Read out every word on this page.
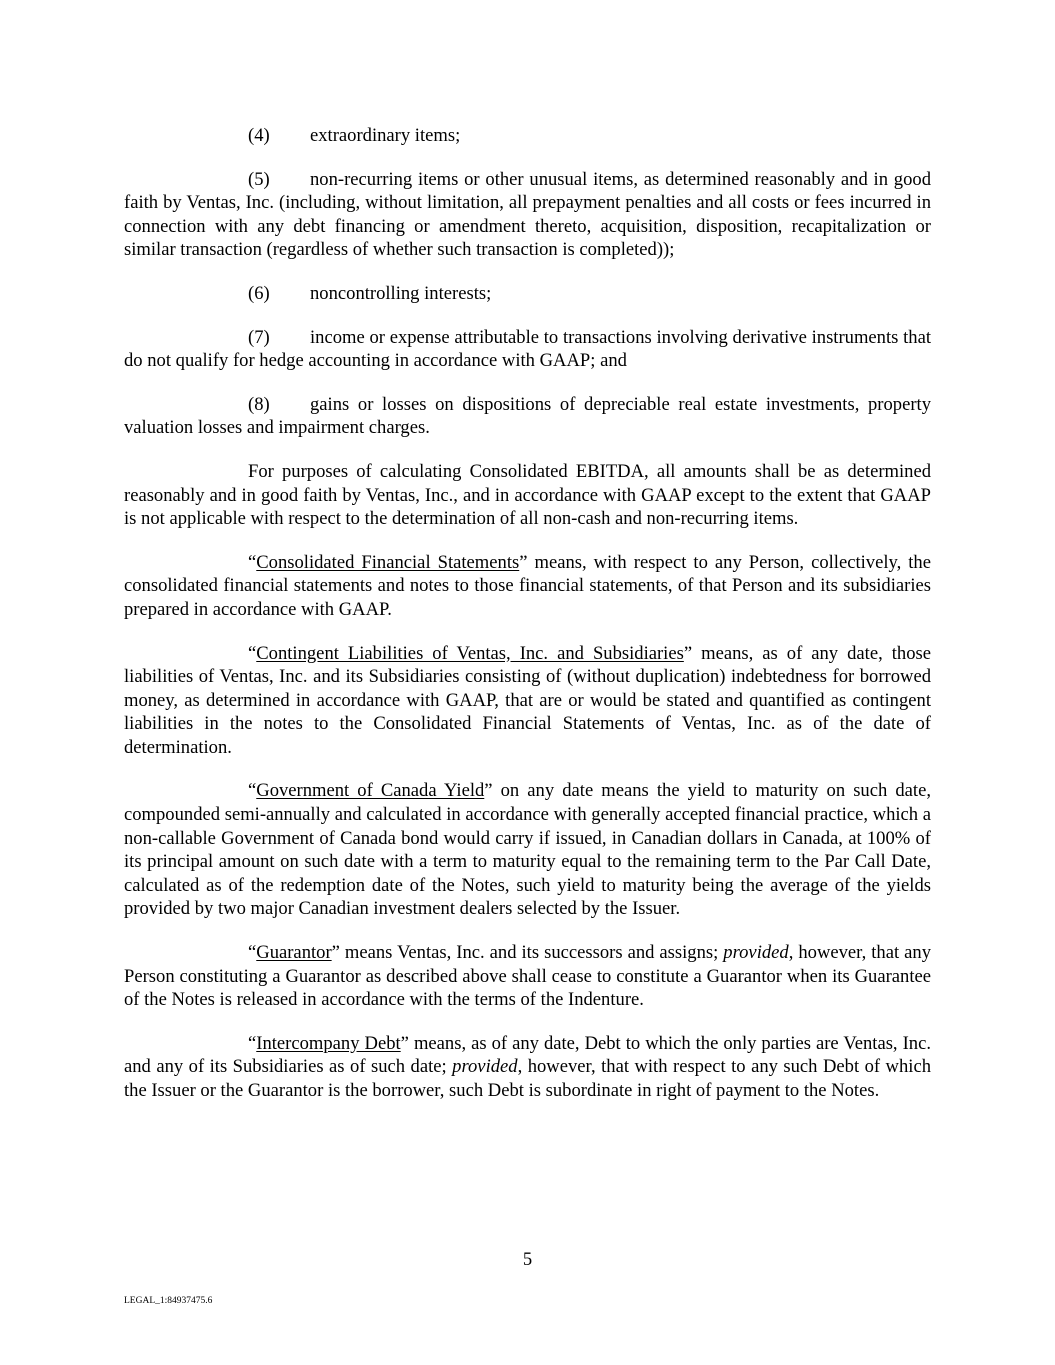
(4) extraordinary items;

(5) non-recurring items or other unusual items, as determined reasonably and in good faith by Ventas, Inc. (including, without limitation, all prepayment penalties and all costs or fees incurred in connection with any debt financing or amendment thereto, acquisition, disposition, recapitalization or similar transaction (regardless of whether such transaction is completed));

(6) noncontrolling interests;

(7) income or expense attributable to transactions involving derivative instruments that do not qualify for hedge accounting in accordance with GAAP; and

(8) gains or losses on dispositions of depreciable real estate investments, property valuation losses and impairment charges.

For purposes of calculating Consolidated EBITDA, all amounts shall be as determined reasonably and in good faith by Ventas, Inc., and in accordance with GAAP except to the extent that GAAP is not applicable with respect to the determination of all non-cash and non-recurring items.

“Consolidated Financial Statements” means, with respect to any Person, collectively, the consolidated financial statements and notes to those financial statements, of that Person and its subsidiaries prepared in accordance with GAAP.

“Contingent Liabilities of Ventas, Inc. and Subsidiaries” means, as of any date, those liabilities of Ventas, Inc. and its Subsidiaries consisting of (without duplication) indebtedness for borrowed money, as determined in accordance with GAAP, that are or would be stated and quantified as contingent liabilities in the notes to the Consolidated Financial Statements of Ventas, Inc. as of the date of determination.

“Government of Canada Yield” on any date means the yield to maturity on such date, compounded semi-annually and calculated in accordance with generally accepted financial practice, which a non-callable Government of Canada bond would carry if issued, in Canadian dollars in Canada, at 100% of its principal amount on such date with a term to maturity equal to the remaining term to the Par Call Date, calculated as of the redemption date of the Notes, such yield to maturity being the average of the yields provided by two major Canadian investment dealers selected by the Issuer.

“Guarantor” means Ventas, Inc. and its successors and assigns; provided, however, that any Person constituting a Guarantor as described above shall cease to constitute a Guarantor when its Guarantee of the Notes is released in accordance with the terms of the Indenture.

“Intercompany Debt” means, as of any date, Debt to which the only parties are Ventas, Inc. and any of its Subsidiaries as of such date; provided, however, that with respect to any such Debt of which the Issuer or the Guarantor is the borrower, such Debt is subordinate in right of payment to the Notes.

5
LEGAL_1:84937475.6
